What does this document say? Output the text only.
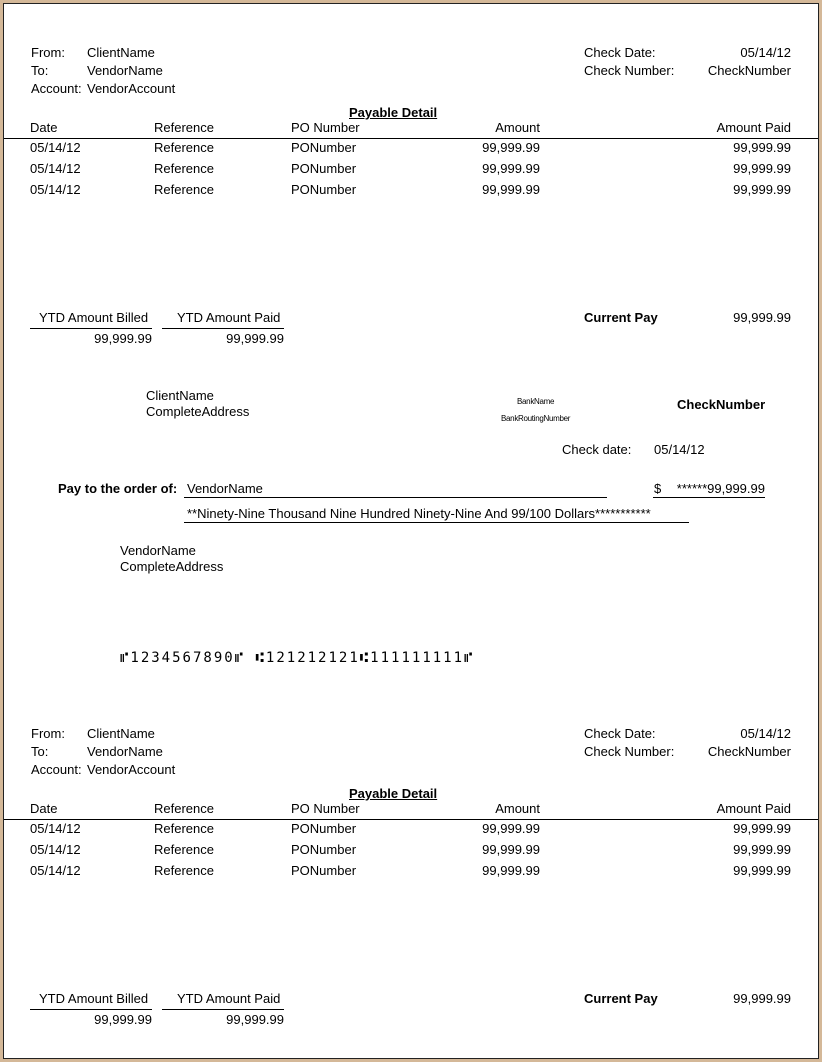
From: ClientName
To:	VendorName
Account: VendorAccount
Check Date:	05/14/12
Check Number:	CheckNumber
Payable Detail
Date	Reference	PO Number	Amount	Amount Paid
05/14/12	Reference	PONumber	99,999.99	99,999.99
05/14/12	Reference	PONumber	99,999.99	99,999.99
05/14/12	Reference	PONumber	99,999.99	99,999.99
YTD Amount Billed
99,999.99
YTD Amount Paid
99,999.99
Current Pay	99,999.99
From: ClientName
To:	VendorName
Account: VendorAccount
Check Date:	05/14/12
Check Number:	CheckNumber
Payable Detail
Date	Reference	PO Number	Amount	Amount Paid
05/14/12	Reference	PONumber	99,999.99	99,999.99
05/14/12	Reference	PONumber	99,999.99	99,999.99
05/14/12	Reference	PONumber	99,999.99	99,999.99
YTD Amount Billed
99,999.99
YTD Amount Paid
99,999.99
Current Pay	99,999.99
ClientName
CompleteAddress
BankName
BankRoutingNumber
CheckNumber
Check date: 05/14/12
Pay to the order of: VendorName	$ ******99,999.99
**Ninety-Nine Thousand Nine Hundred Ninety-Nine And 99/100 Dollars***********
VendorName
CompleteAddress
⑈1234567890⑈ ⑆121212121⑆111111111⑈
